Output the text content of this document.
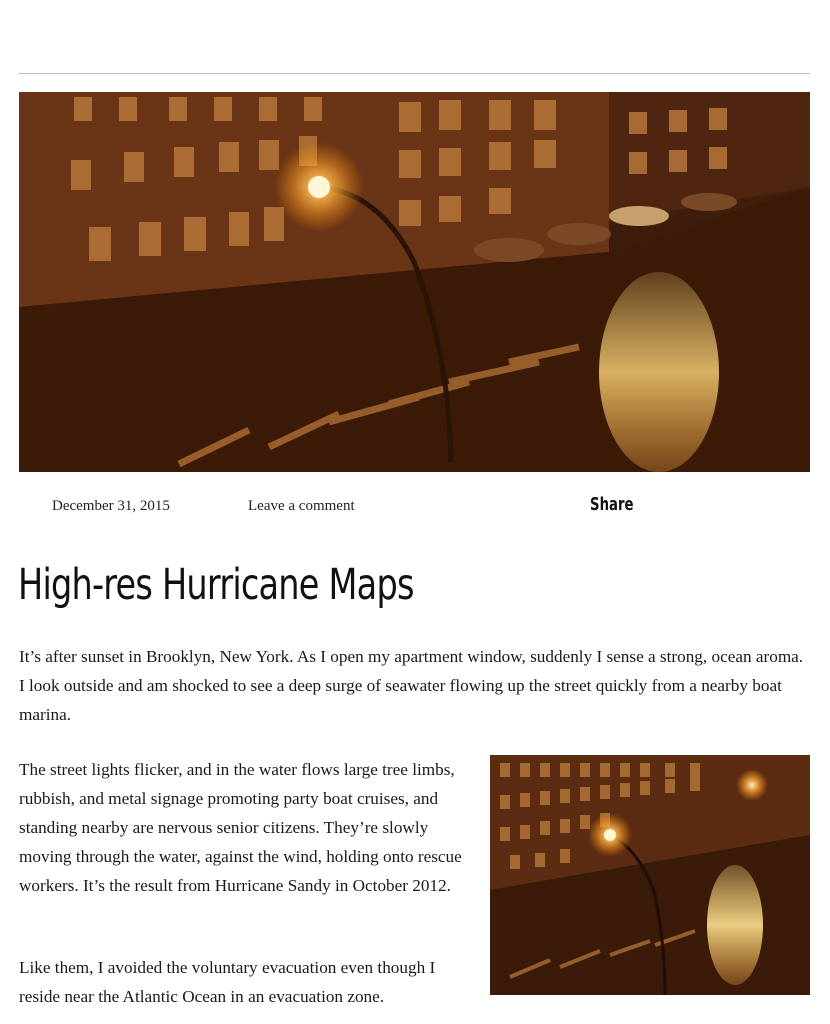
December 31, 2015	Leave a comment	Share
High-res Hurricane Maps

It’s after sunset in Brooklyn, New York. As I open my apartment window, suddenly I sense a strong, ocean aroma. I look outside and am shocked to see a deep surge of seawater flowing up the street quickly from a nearby boat marina.

The street lights flicker, and in the water flows large tree limbs, rubbish, and metal signage promoting party boat cruises, and standing nearby are nervous senior citizens. They’re slowly moving through the water, against the wind, holding onto rescue workers. It’s the result from Hurricane Sandy in October 2012.

Like them, I avoided the voluntary evacuation even though I reside near the Atlantic Ocean in an evacuation zone.
